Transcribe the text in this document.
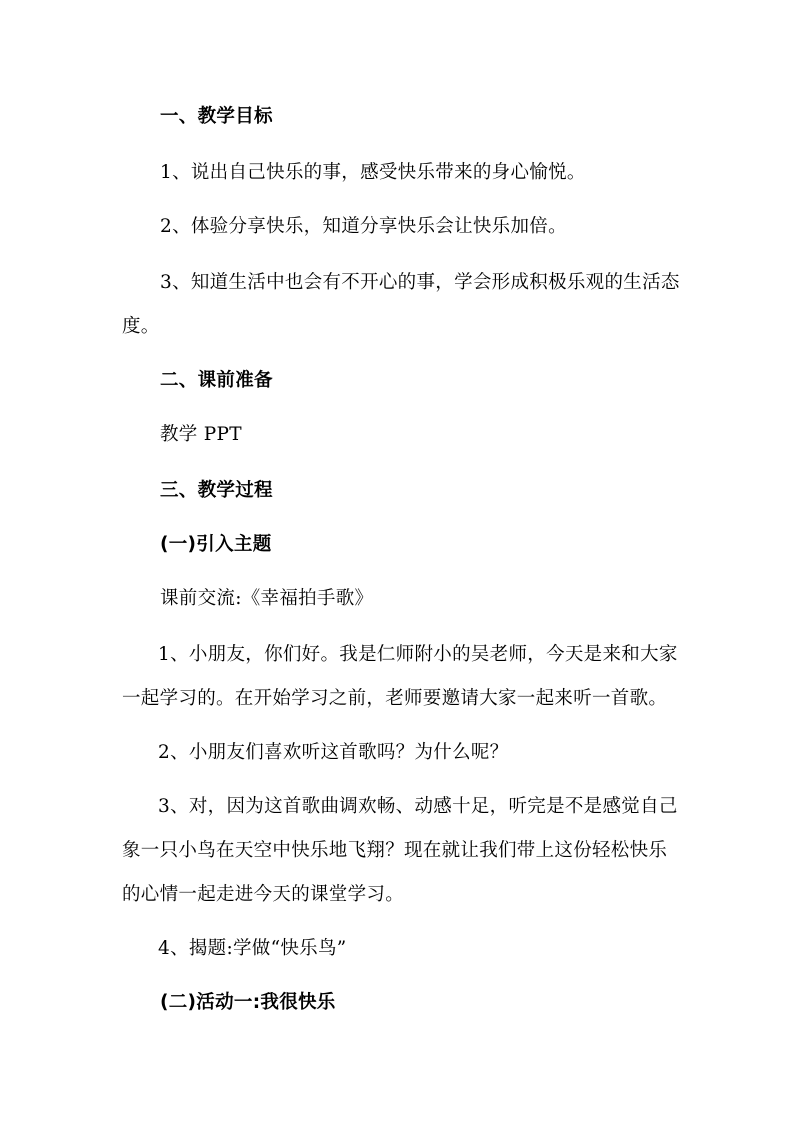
一、教学目标
1、说出自己快乐的事，感受快乐带来的身心愉悦。
2、体验分享快乐，知道分享快乐会让快乐加倍。
3、知道生活中也会有不开心的事，学会形成积极乐观的生活态
度。
二、课前准备
教学 PPT
三、教学过程
(一)引入主题
课前交流:《幸福拍手歌》
1、小朋友，你们好。我是仁师附小的吴老师，今天是来和大家
一起学习的。在开始学习之前，老师要邀请大家一起来听一首歌。
2、小朋友们喜欢听这首歌吗？为什么呢？
3、对，因为这首歌曲调欢畅、动感十足，听完是不是感觉自己
象一只小鸟在天空中快乐地飞翔？现在就让我们带上这份轻松快乐
的心情一起走进今天的课堂学习。
4、揭题:学做“快乐鸟”
(二)活动一:我很快乐
